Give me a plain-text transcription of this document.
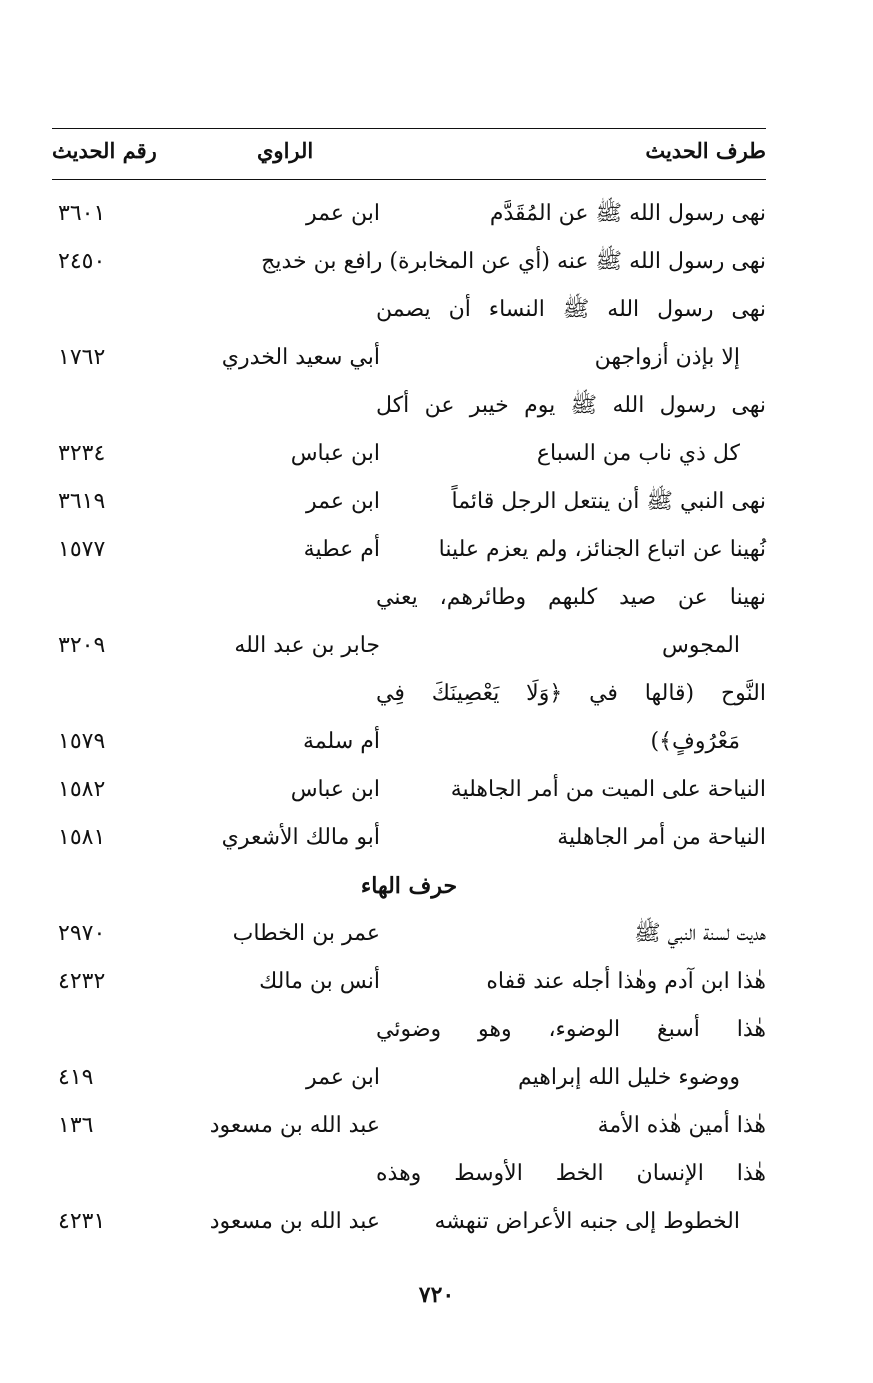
طرف الحديث
الراوي
رقم الحديث
نهى رسول الله ﷺ عن المُقَدَّم
ابن عمر
٣٦٠١
نهى رسول الله ﷺ عنه (أي عن المخابرة) رافع بن خديج
٢٤٥٠
نهى رسول الله ﷺ النساء أن يصمن
إلا بإذن أزواجهن
أبي سعيد الخدري
١٧٦٢
نهى رسول الله ﷺ يوم خيبر عن أكل
كل ذي ناب من السباع
ابن عباس
٣٢٣٤
نهى النبي ﷺ أن ينتعل الرجل قائماً
ابن عمر
٣٦١٩
نُهينا عن اتباع الجنائز، ولم يعزم علينا
أم عطية
١٥٧٧
نهينا عن صيد كلبهم وطائرهم، يعني
المجوس
جابر بن عبد الله
٣٢٠٩
النَّوح (قالها في ﴿وَلَا يَعْصِينَكَ فِي
مَعْرُوفٍ﴾)
أم سلمة
١٥٧٩
النياحة على الميت من أمر الجاهلية
ابن عباس
١٥٨٢
النياحة من أمر الجاهلية
أبو مالك الأشعري
١٥٨١
حرف الهاء
هديت لسنة النبي ﷺ
عمر بن الخطاب
٢٩٧٠
هٰذا ابن آدم وهٰذا أجله عند قفاه
أنس بن مالك
٤٢٣٢
هٰذا أسبغ الوضوء، وهو وضوئي
ووضوء خليل الله إبراهيم
ابن عمر
٤١٩
هٰذا أمين هٰذه الأمة
عبد الله بن مسعود
١٣٦
هٰذا الإنسان الخط الأوسط وهذه
الخطوط إلى جنبه الأعراض تنهشه
عبد الله بن مسعود
٤٢٣١
٧٢٠
